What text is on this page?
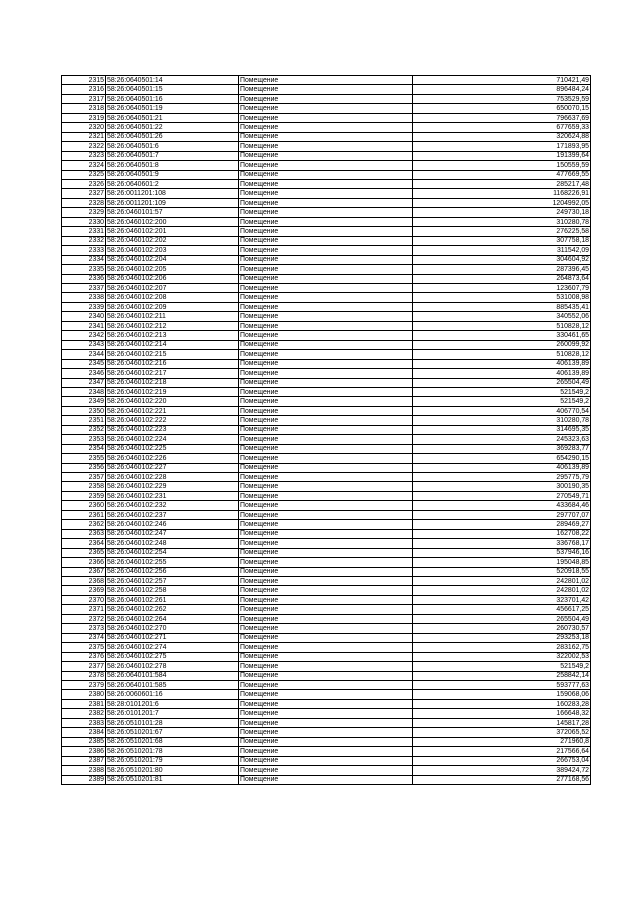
2315	58:26:0640501:14	Помещение	710421,49
2316	58:26:0640501:15	Помещение	896484,24
2317	58:26:0640501:16	Помещение	753529,59
2318	58:26:0640501:19	Помещение	650070,15
2319	58:26:0640501:21	Помещение	796637,69
2320	58:26:0640501:22	Помещение	677659,33
2321	58:26:0640501:26	Помещение	320624,88
2322	58:26:0640501:6	Помещение	171893,95
2323	58:26:0640501:7	Помещение	191399,64
2324	58:26:0640501:8	Помещение	150559,59
2325	58:26:0640501:9	Помещение	477669,55
2326	58:26:0640601:2	Помещение	285217,48
2327	58:26:0011201:108	Помещение	1168226,91
2328	58:26:0011201:109	Помещение	1204992,05
2329	58:26:0460101:57	Помещение	249730,18
2330	58:26:0460102:200	Помещение	310280,78
2331	58:26:0460102:201	Помещение	276225,58
2332	58:26:0460102:202	Помещение	307758,18
2333	58:26:0460102:203	Помещение	311542,09
2334	58:26:0460102:204	Помещение	304604,92
2335	58:26:0460102:205	Помещение	287396,45
2336	58:26:0460102:206	Помещение	264873,64
2337	58:26:0460102:207	Помещение	123607,79
2338	58:26:0460102:208	Помещение	531008,98
2339	58:26:0460102:209	Помещение	885435,41
2340	58:26:0460102:211	Помещение	340552,06
2341	58:26:0460102:212	Помещение	510828,12
2342	58:26:0460102:213	Помещение	330461,65
2343	58:26:0460102:214	Помещение	260099,92
2344	58:26:0460102:215	Помещение	510828,12
2345	58:26:0460102:216	Помещение	406139,89
2346	58:26:0460102:217	Помещение	406139,89
2347	58:26:0460102:218	Помещение	265504,49
2348	58:26:0460102:219	Помещение	521549,2
2349	58:26:0460102:220	Помещение	521549,2
2350	58:26:0460102:221	Помещение	406770,54
2351	58:26:0460102:222	Помещение	310280,78
2352	58:26:0460102:223	Помещение	314695,35
2353	58:26:0460102:224	Помещение	245323,63
2354	58:26:0460102:225	Помещение	369283,77
2355	58:26:0460102:226	Помещение	654290,15
2356	58:26:0460102:227	Помещение	406139,89
2357	58:26:0460102:228	Помещение	295775,79
2358	58:26:0460102:229	Помещение	300190,35
2359	58:26:0460102:231	Помещение	270549,71
2360	58:26:0460102:232	Помещение	433684,46
2361	58:26:0460102:237	Помещение	297707,07
2362	58:26:0460102:246	Помещение	289469,27
2363	58:26:0460102:247	Помещение	162708,22
2364	58:26:0460102:248	Помещение	336768,17
2365	58:26:0460102:254	Помещение	537946,16
2366	58:26:0460102:255	Помещение	195048,85
2367	58:26:0460102:256	Помещение	520918,55
2368	58:26:0460102:257	Помещение	242801,02
2369	58:26:0460102:258	Помещение	242801,02
2370	58:26:0460102:261	Помещение	323701,42
2371	58:26:0460102:262	Помещение	456617,25
2372	58:26:0460102:264	Помещение	265504,49
2373	58:26:0460102:270	Помещение	260730,57
2374	58:26:0460102:271	Помещение	293253,18
2375	58:26:0460102:274	Помещение	283162,75
2376	58:26:0460102:275	Помещение	322002,53
2377	58:26:0460102:278	Помещение	521549,2
2378	58:26:0640101:584	Помещение	258842,14
2379	58:26:0640101:585	Помещение	593777,63
2380	58:26:0060601:16	Помещение	159068,06
2381	58:28:0101201:6	Помещение	160283,28
2382	58:26:0101201:7	Помещение	166648,32
2383	58:26:0510101:28	Помещение	145817,28
2384	58:26:0510201:67	Помещение	372065,52
2385	58:26:0510201:68	Помещение	271960,8
2386	58:26:0510201:78	Помещение	217566,64
2387	58:26:0510201:79	Помещение	266753,04
2388	58:26:0510201:80	Помещение	389424,72
2389	58:26:0510201:81	Помещение	277168,56
